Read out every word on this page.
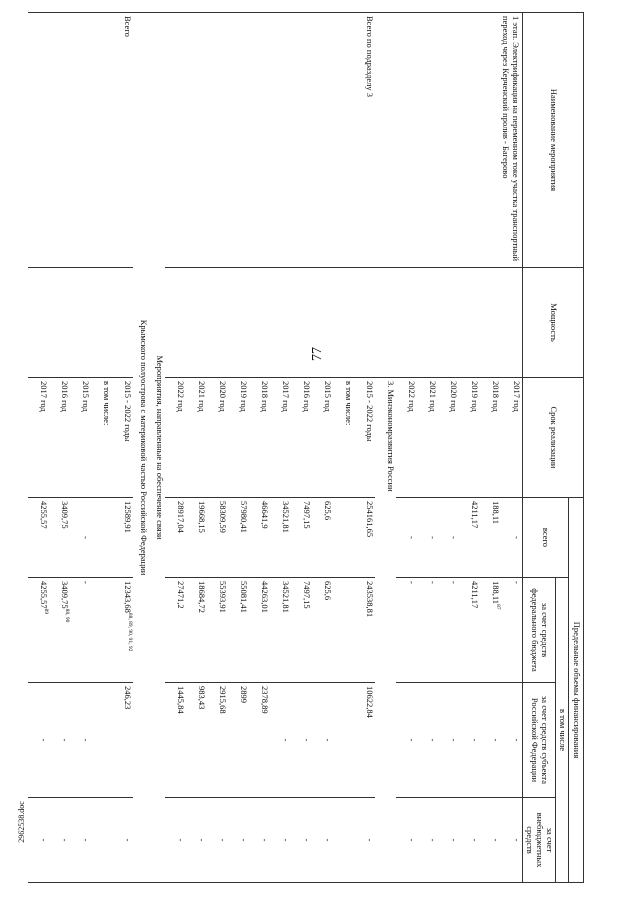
77
2962538.doc
Наименование мероприятия	Мощность	Срок реализации	Предельные объемы финансирования			
			всего	в том числе		
				за счет средств федерального бюджета	за счет средств субъекта Российской Федерации	за счет внебюджетных средств
1 этап. Электрификация на переменном токе участка транспортный переход через Керченский пролив - Багерово		2017 год	-	-	-	-
		2018 год	188,11	188,11$^{87}$	-	-
		2019 год	4211,17	4211,17	-	-
		2020 год	-	-	-	-
		2021 год	-	-	-	-
		2022 год	-	-	-	-
		3. Минэкономразвития России				
Всего по подразделу 3		2015 - 2022 годы	254161,65	243538,81	10622,84	-
		в том числе:				
		2015 год	625,6	625,6	-	-
		2016 год	7497,15	7497,15	-	-
		2017 год	34521,81	34521,81	-	-
		2018 год	46641,9	44263,01	2378,89	-
		2019 год	57980,41	55081,41	2899	-
		2020 год	58309,59	55393,91	2915,68	-
		2021 год	19668,15	18684,72	983,43	-
		2022 год	28917,04	27471,2	1445,84	-
Мероприятия, направленные на обеспечение связи						
Крымского полуострова с материковой частью Российской Федерации						
Всего		2015 - 2022 годы	12589,91	12343,68$^{88, 89, 90, 91, 92}$	246,23	-
		в том числе:				
		2015 год	-	-	-	-
		2016 год	3409,75	3409,75$^{88, 90}$	-	-
		2017 год	4255,57	4255,57$^{89}$	-	-
